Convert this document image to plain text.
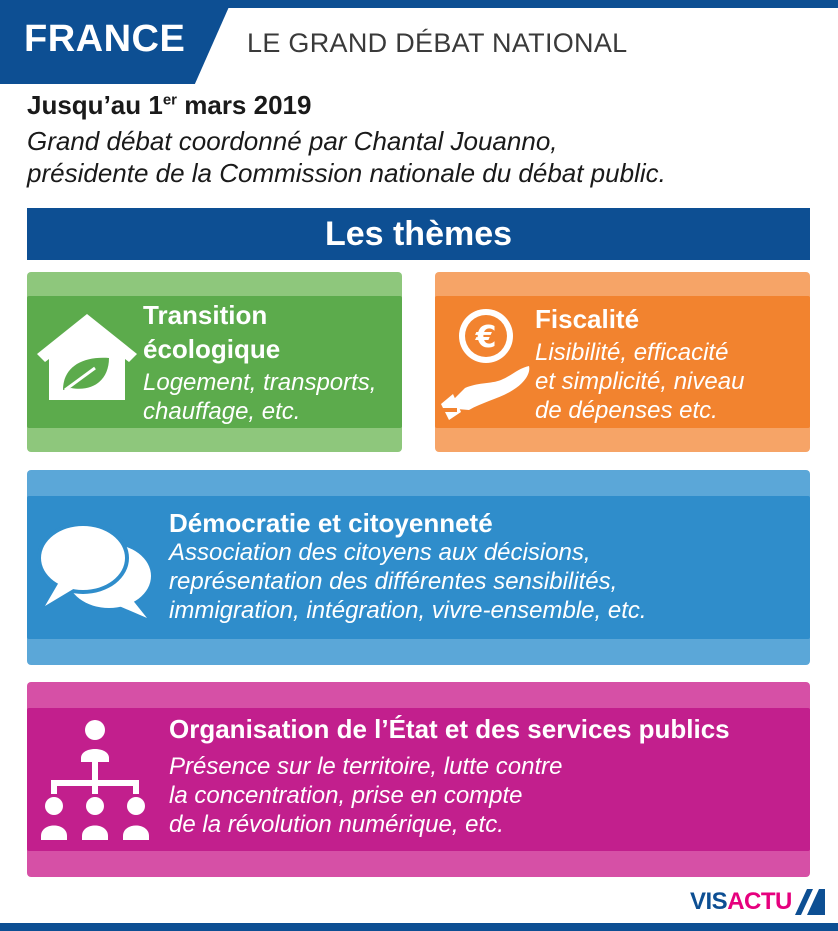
FRANCE LE GRAND DÉBAT NATIONAL
Jusqu’au 1er mars 2019
Grand débat coordonné par Chantal Jouanno,
présidente de la Commission nationale du débat public.
Les thèmes
Transition
écologique
Logement, transports,
chauffage, etc.
€
Fiscalité
Lisibilité, efficacité
et simplicité, niveau
de dépenses etc.
Démocratie et citoyenneté
Association des citoyens aux décisions,
représentation des différentes sensibilités,
immigration, intégration, vivre-ensemble, etc.
Organisation de l’État et des services publics
Présence sur le territoire, lutte contre
la concentration, prise en compte
de la révolution numérique, etc.
VISACTU
